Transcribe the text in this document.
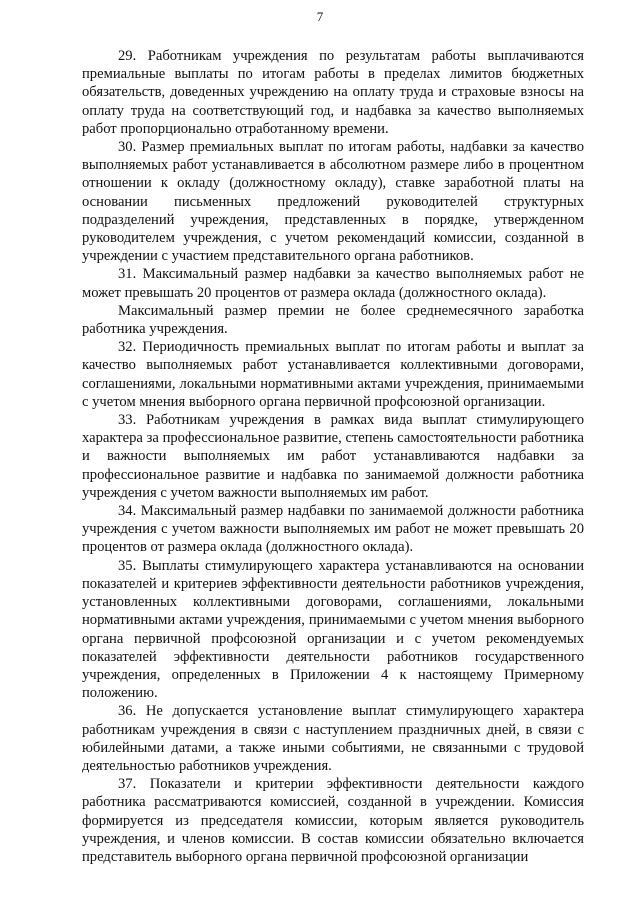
7

29. Работникам учреждения по результатам работы выплачиваются премиальные выплаты по итогам работы в пределах лимитов бюджетных обязательств, доведенных учреждению на оплату труда и страховые взносы на оплату труда на соответствующий год, и надбавка за качество выполняемых работ пропорционально отработанному времени.

30. Размер премиальных выплат по итогам работы, надбавки за качество выполняемых работ устанавливается в абсолютном размере либо в процентном отношении к окладу (должностному окладу), ставке заработной платы на основании письменных предложений руководителей структурных подразделений учреждения, представленных в порядке, утвержденном руководителем учреждения, с учетом рекомендаций комиссии, созданной в учреждении с участием представительного органа работников.

31. Максимальный размер надбавки за качество выполняемых работ не может превышать 20 процентов от размера оклада (должностного оклада).

Максимальный размер премии не более среднемесячного заработка работника учреждения.

32. Периодичность премиальных выплат по итогам работы и выплат за качество выполняемых работ устанавливается коллективными договорами, соглашениями, локальными нормативными актами учреждения, принимаемыми с учетом мнения выборного органа первичной профсоюзной организации.

33. Работникам учреждения в рамках вида выплат стимулирующего характера за профессиональное развитие, степень самостоятельности работника и важности выполняемых им работ устанавливаются надбавки за профессиональное развитие и надбавка по занимаемой должности работника учреждения с учетом важности выполняемых им работ.

34. Максимальный размер надбавки по занимаемой должности работника учреждения с учетом важности выполняемых им работ не может превышать 20 процентов от размера оклада (должностного оклада).

35. Выплаты стимулирующего характера устанавливаются на основании показателей и критериев эффективности деятельности работников учреждения, установленных коллективными договорами, соглашениями, локальными нормативными актами учреждения, принимаемыми с учетом мнения выборного органа первичной профсоюзной организации и с учетом рекомендуемых показателей эффективности деятельности работников государственного учреждения, определенных в Приложении 4 к настоящему Примерному положению.

36. Не допускается установление выплат стимулирующего характера работникам учреждения в связи с наступлением праздничных дней, в связи с юбилейными датами, а также иными событиями, не связанными с трудовой деятельностью работников учреждения.

37. Показатели и критерии эффективности деятельности каждого работника рассматриваются комиссией, созданной в учреждении. Комиссия формируется из председателя комиссии, которым является руководитель учреждения, и членов комиссии. В состав комиссии обязательно включается представитель выборного органа первичной профсоюзной организации
